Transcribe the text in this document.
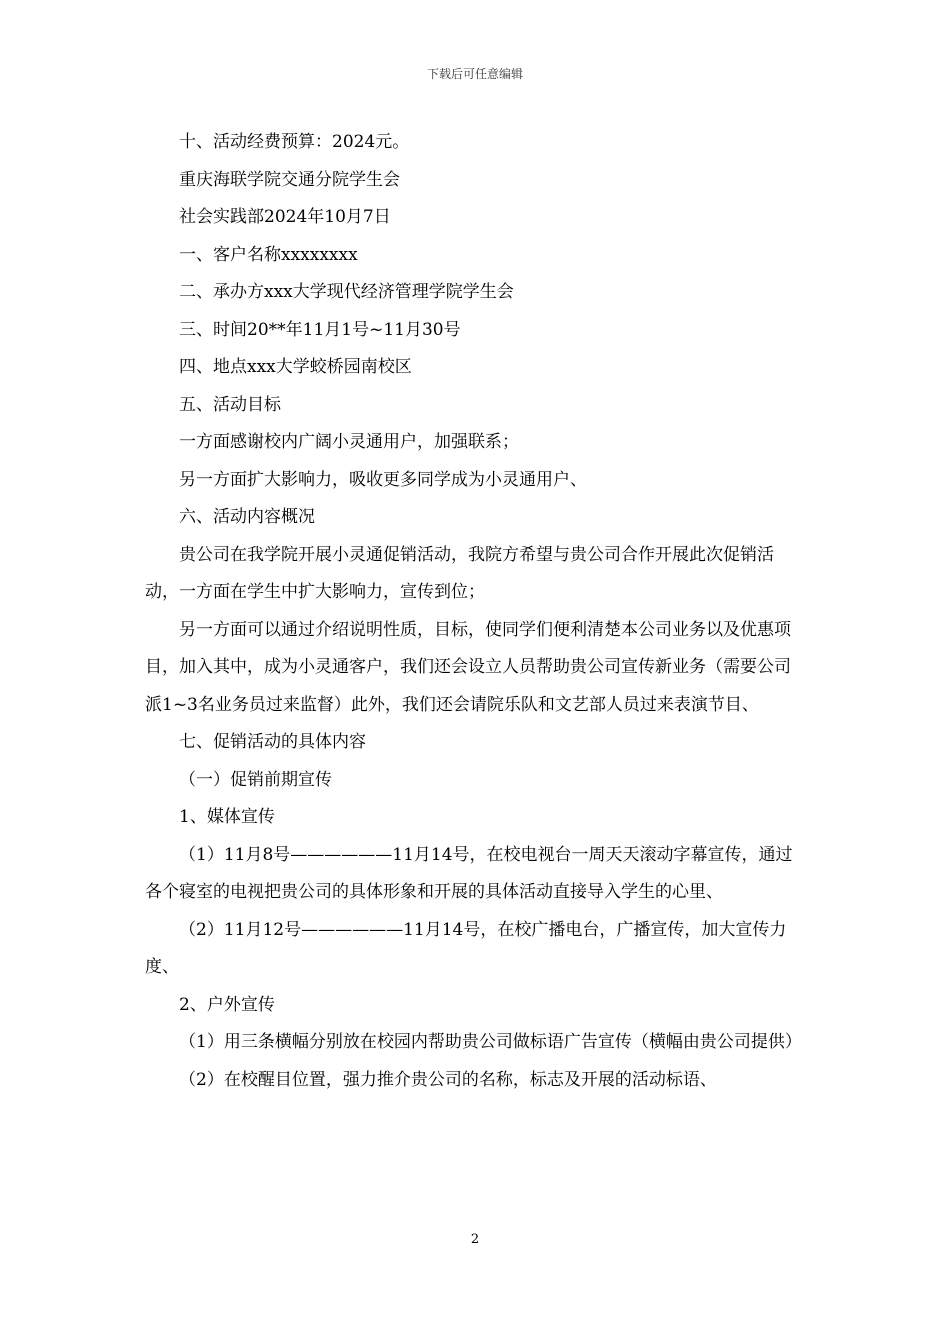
下载后可任意编辑

十、活动经费预算：2024元。

重庆海联学院交通分院学生会

社会实践部2024年10月7日

一、客户名称xxxxxxxx

二、承办方xxx大学现代经济管理学院学生会

三、时间20**年11月1号~11月30号

四、地点xxx大学蛟桥园南校区

五、活动目标

一方面感谢校内广阔小灵通用户，加强联系；

另一方面扩大影响力，吸收更多同学成为小灵通用户、

六、活动内容概况

贵公司在我学院开展小灵通促销活动，我院方希望与贵公司合作开展此次促销活动，一方面在学生中扩大影响力，宣传到位；

另一方面可以通过介绍说明性质，目标，使同学们便利清楚本公司业务以及优惠项目，加入其中，成为小灵通客户，我们还会设立人员帮助贵公司宣传新业务（需要公司派1~3名业务员过来监督）此外，我们还会请院乐队和文艺部人员过来表演节目、

七、促销活动的具体内容

（一）促销前期宣传

1、媒体宣传

（1）11月8号——————11月14号，在校电视台一周天天滚动字幕宣传，通过各个寝室的电视把贵公司的具体形象和开展的具体活动直接导入学生的心里、

（2）11月12号——————11月14号，在校广播电台，广播宣传，加大宣传力度、

2、户外宣传

（1）用三条横幅分别放在校园内帮助贵公司做标语广告宣传（横幅由贵公司提供）

（2）在校醒目位置，强力推介贵公司的名称，标志及开展的活动标语、

2
